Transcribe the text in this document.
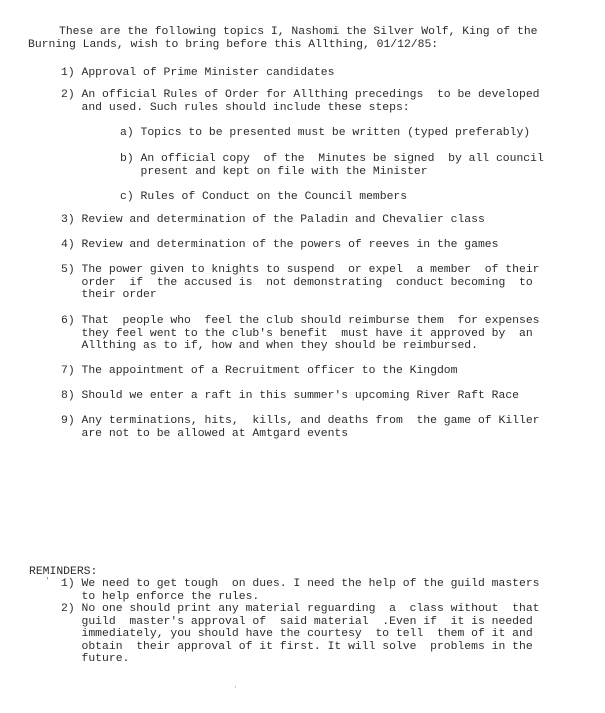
These are the following topics I, Nashomi the Silver Wolf, King of the
Burning Lands, wish to bring before this Allthing, 01/12/85:
1) Approval of Prime Minister candidates
2) An official Rules of Order for Allthing precedings  to be developed
and used. Such rules should include these steps:
a) Topics to be presented must be written (typed preferably)
b) An official copy  of the  Minutes be signed  by all council
present and kept on file with the Minister
c) Rules of Conduct on the Council members
3) Review and determination of the Paladin and Chevalier class
4) Review and determination of the powers of reeves in the games
5) The power given to knights to suspend  or expel  a member  of their
order  if  the accused is  not demonstrating  conduct becoming  to
their order
6) That  people who  feel the club should reimburse them  for expenses
they feel went to the club's benefit  must have it approved by  an
Allthing as to if, how and when they should be reimbursed.
7) The appointment of a Recruitment officer to the Kingdom
8) Should we enter a raft in this summer's upcoming River Raft Race
9) Any terminations, hits,  kills, and deaths from  the game of Killer
are not to be allowed at Amtgard events
REMINDERS:
' 1) We need to get tough  on dues. I need the help of the guild masters
to help enforce the rules.
2) No one should print any material reguarding  a  class without  that
guild  master's approval of  said material  .Even if  it is needed
immediately, you should have the courtesy  to tell  them of it and
obtain  their approval of it first. It will solve  problems in the
future.
·
